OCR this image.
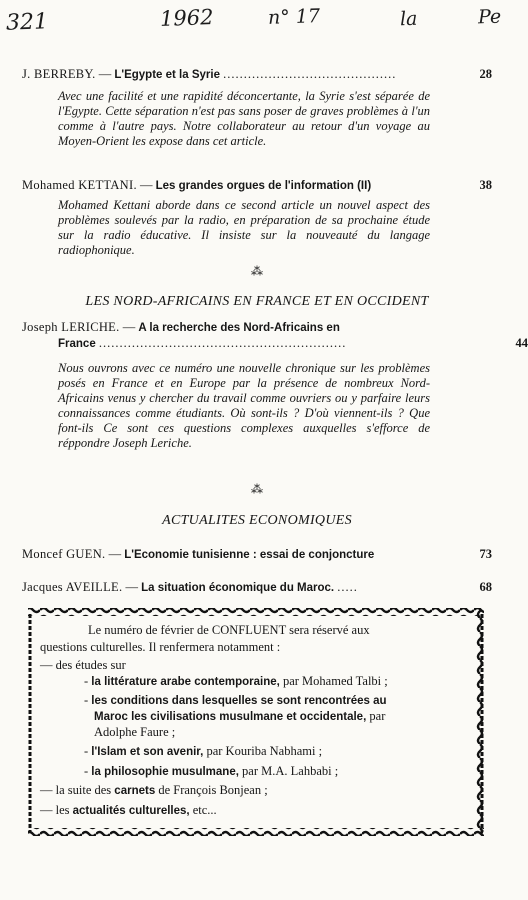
321	1962	n° 17	la	Pe
J. BERREBY. — L'Egypte et la Syrie ..........................................	28
Avec une facilité et une rapidité déconcertante, la Syrie s'est séparée de l'Egypte. Cette séparation n'est pas sans poser de graves problèmes à l'un comme à l'autre pays. Notre collaborateur au retour d'un voyage au Moyen-Orient les expose dans cet article.
Mohamed KETTANI. — Les grandes orgues de l'information (II)	38
Mohamed Kettani aborde dans ce second article un nouvel aspect des problèmes soulevés par la radio, en préparation de sa prochaine étude sur la radio éducative. Il insiste sur la nouveauté du langage radiophonique.
⁂
LES NORD-AFRICAINS EN FRANCE ET EN OCCIDENT
Joseph LERICHE. — A la recherche des Nord-Africains en
France ............................................................	44
Nous ouvrons avec ce numéro une nouvelle chronique sur les problèmes posés en France et en Europe par la présence de nombreux Nord-Africains venus y chercher du travail comme ouvriers ou y parfaire leurs connaissances comme étudiants. Où sont-ils ? D'où viennent-ils ? Que font-ils Ce sont ces questions complexes auxquelles s'efforce de réppondre Joseph Leriche.
⁂
ACTUALITES ECONOMIQUES
Moncef GUEN. — L'Economie tunisienne : essai de conjoncture	73
Jacques AVEILLE. — La situation économique du Maroc. .....	68
Le numéro de février de CONFLUENT sera réservé aux
questions culturelles. Il renfermera notamment :
— des études sur
- la littérature arabe contemporaine, par Mohamed Talbi ;
- les conditions dans lesquelles se sont rencontrées au
Maroc les civilisations musulmane et occidentale, par
Adolphe Faure ;
- l'Islam et son avenir, par Kouriba Nabhami ;
- la philosophie musulmane, par M.A. Lahbabi ;
— la suite des carnets de François Bonjean ;
— les actualités culturelles, etc...
